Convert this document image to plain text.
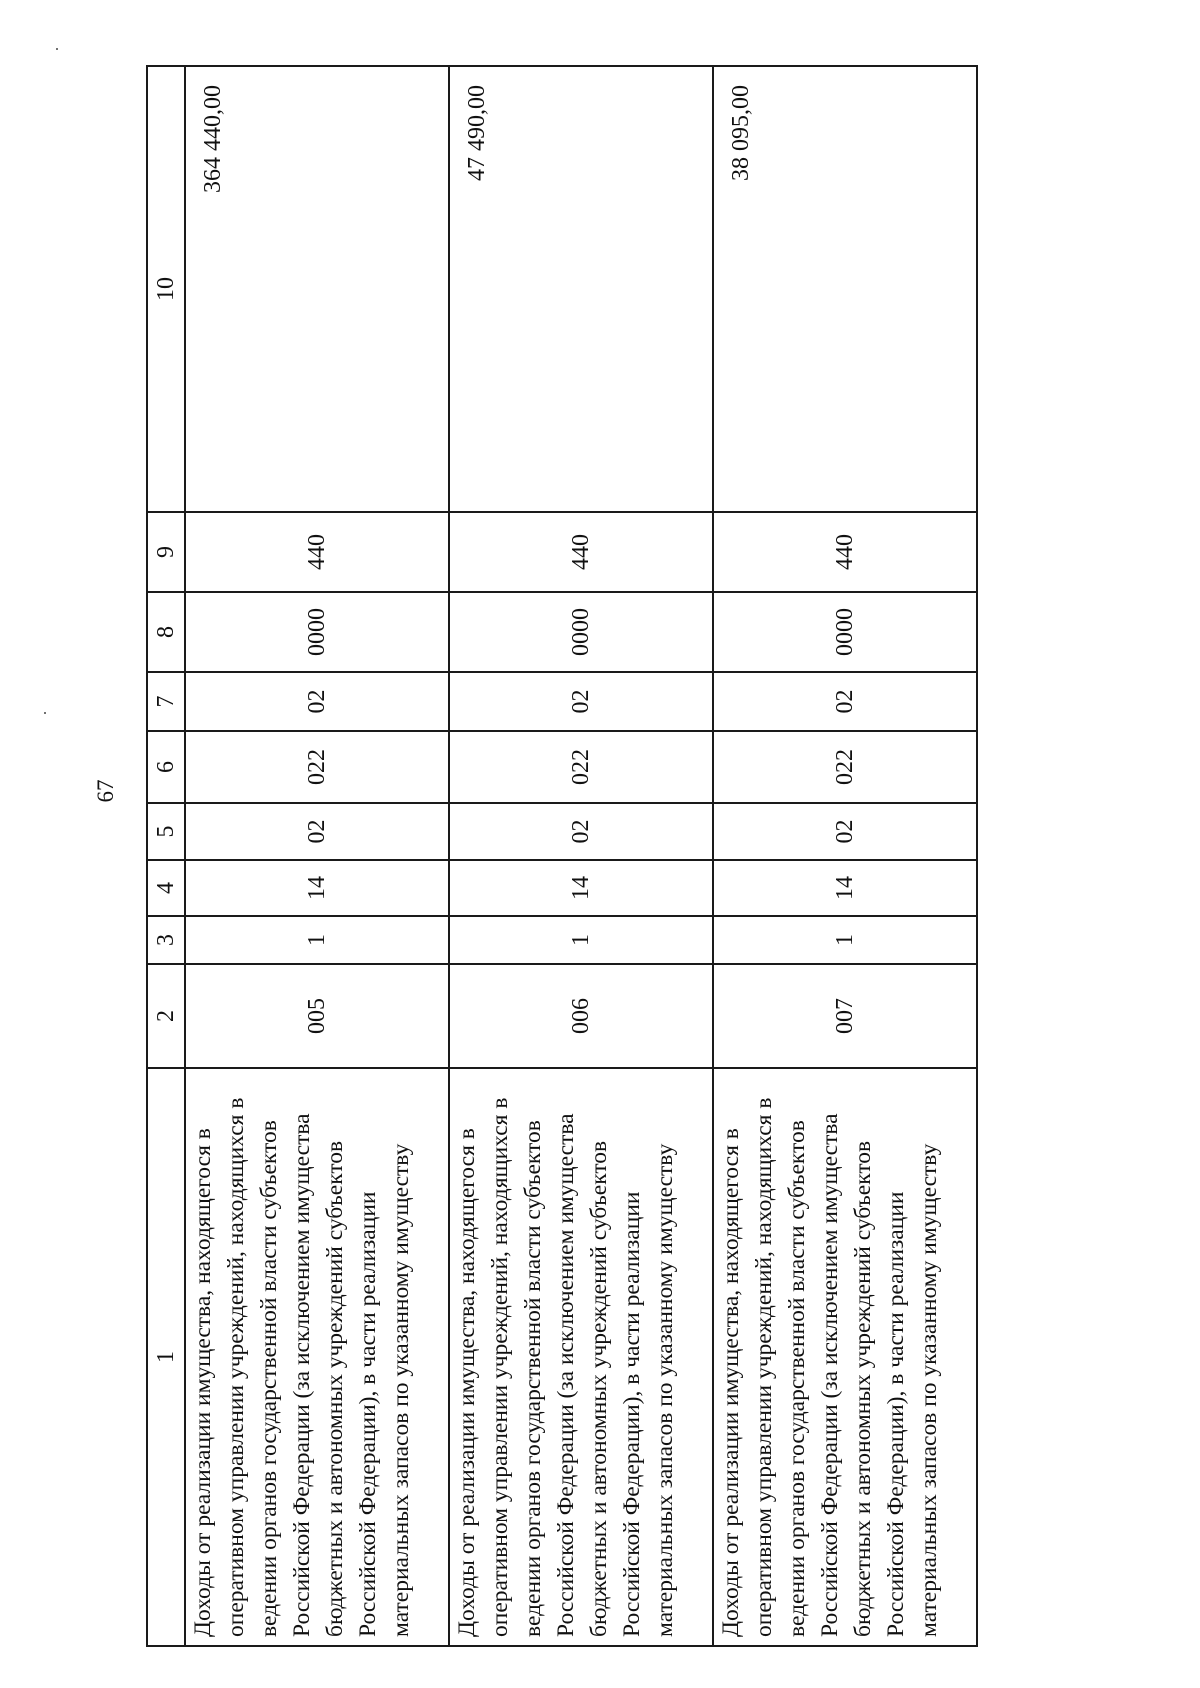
67
1	2	3	4	5	6	7	8	9	10
Доходы от реализации имущества, находящегося в оперативном управлении учреждений, находящихся в ведении органов государственной власти субъектов Российской Федерации (за исключением имущества бюджетных и автономных учреждений субъектов Российской Федерации), в части реализации материальных запасов по указанному имуществу	005	1	14	02	022	02	0000	440	364 440,00
Доходы от реализации имущества, находящегося в оперативном управлении учреждений, находящихся в ведении органов государственной власти субъектов Российской Федерации (за исключением имущества бюджетных и автономных учреждений субъектов Российской Федерации), в части реализации материальных запасов по указанному имуществу	006	1	14	02	022	02	0000	440	47 490,00
Доходы от реализации имущества, находящегося в оперативном управлении учреждений, находящихся в ведении органов государственной власти субъектов Российской Федерации (за исключением имущества бюджетных и автономных учреждений субъектов Российской Федерации), в части реализации материальных запасов по указанному имуществу	007	1	14	02	022	02	0000	440	38 095,00
